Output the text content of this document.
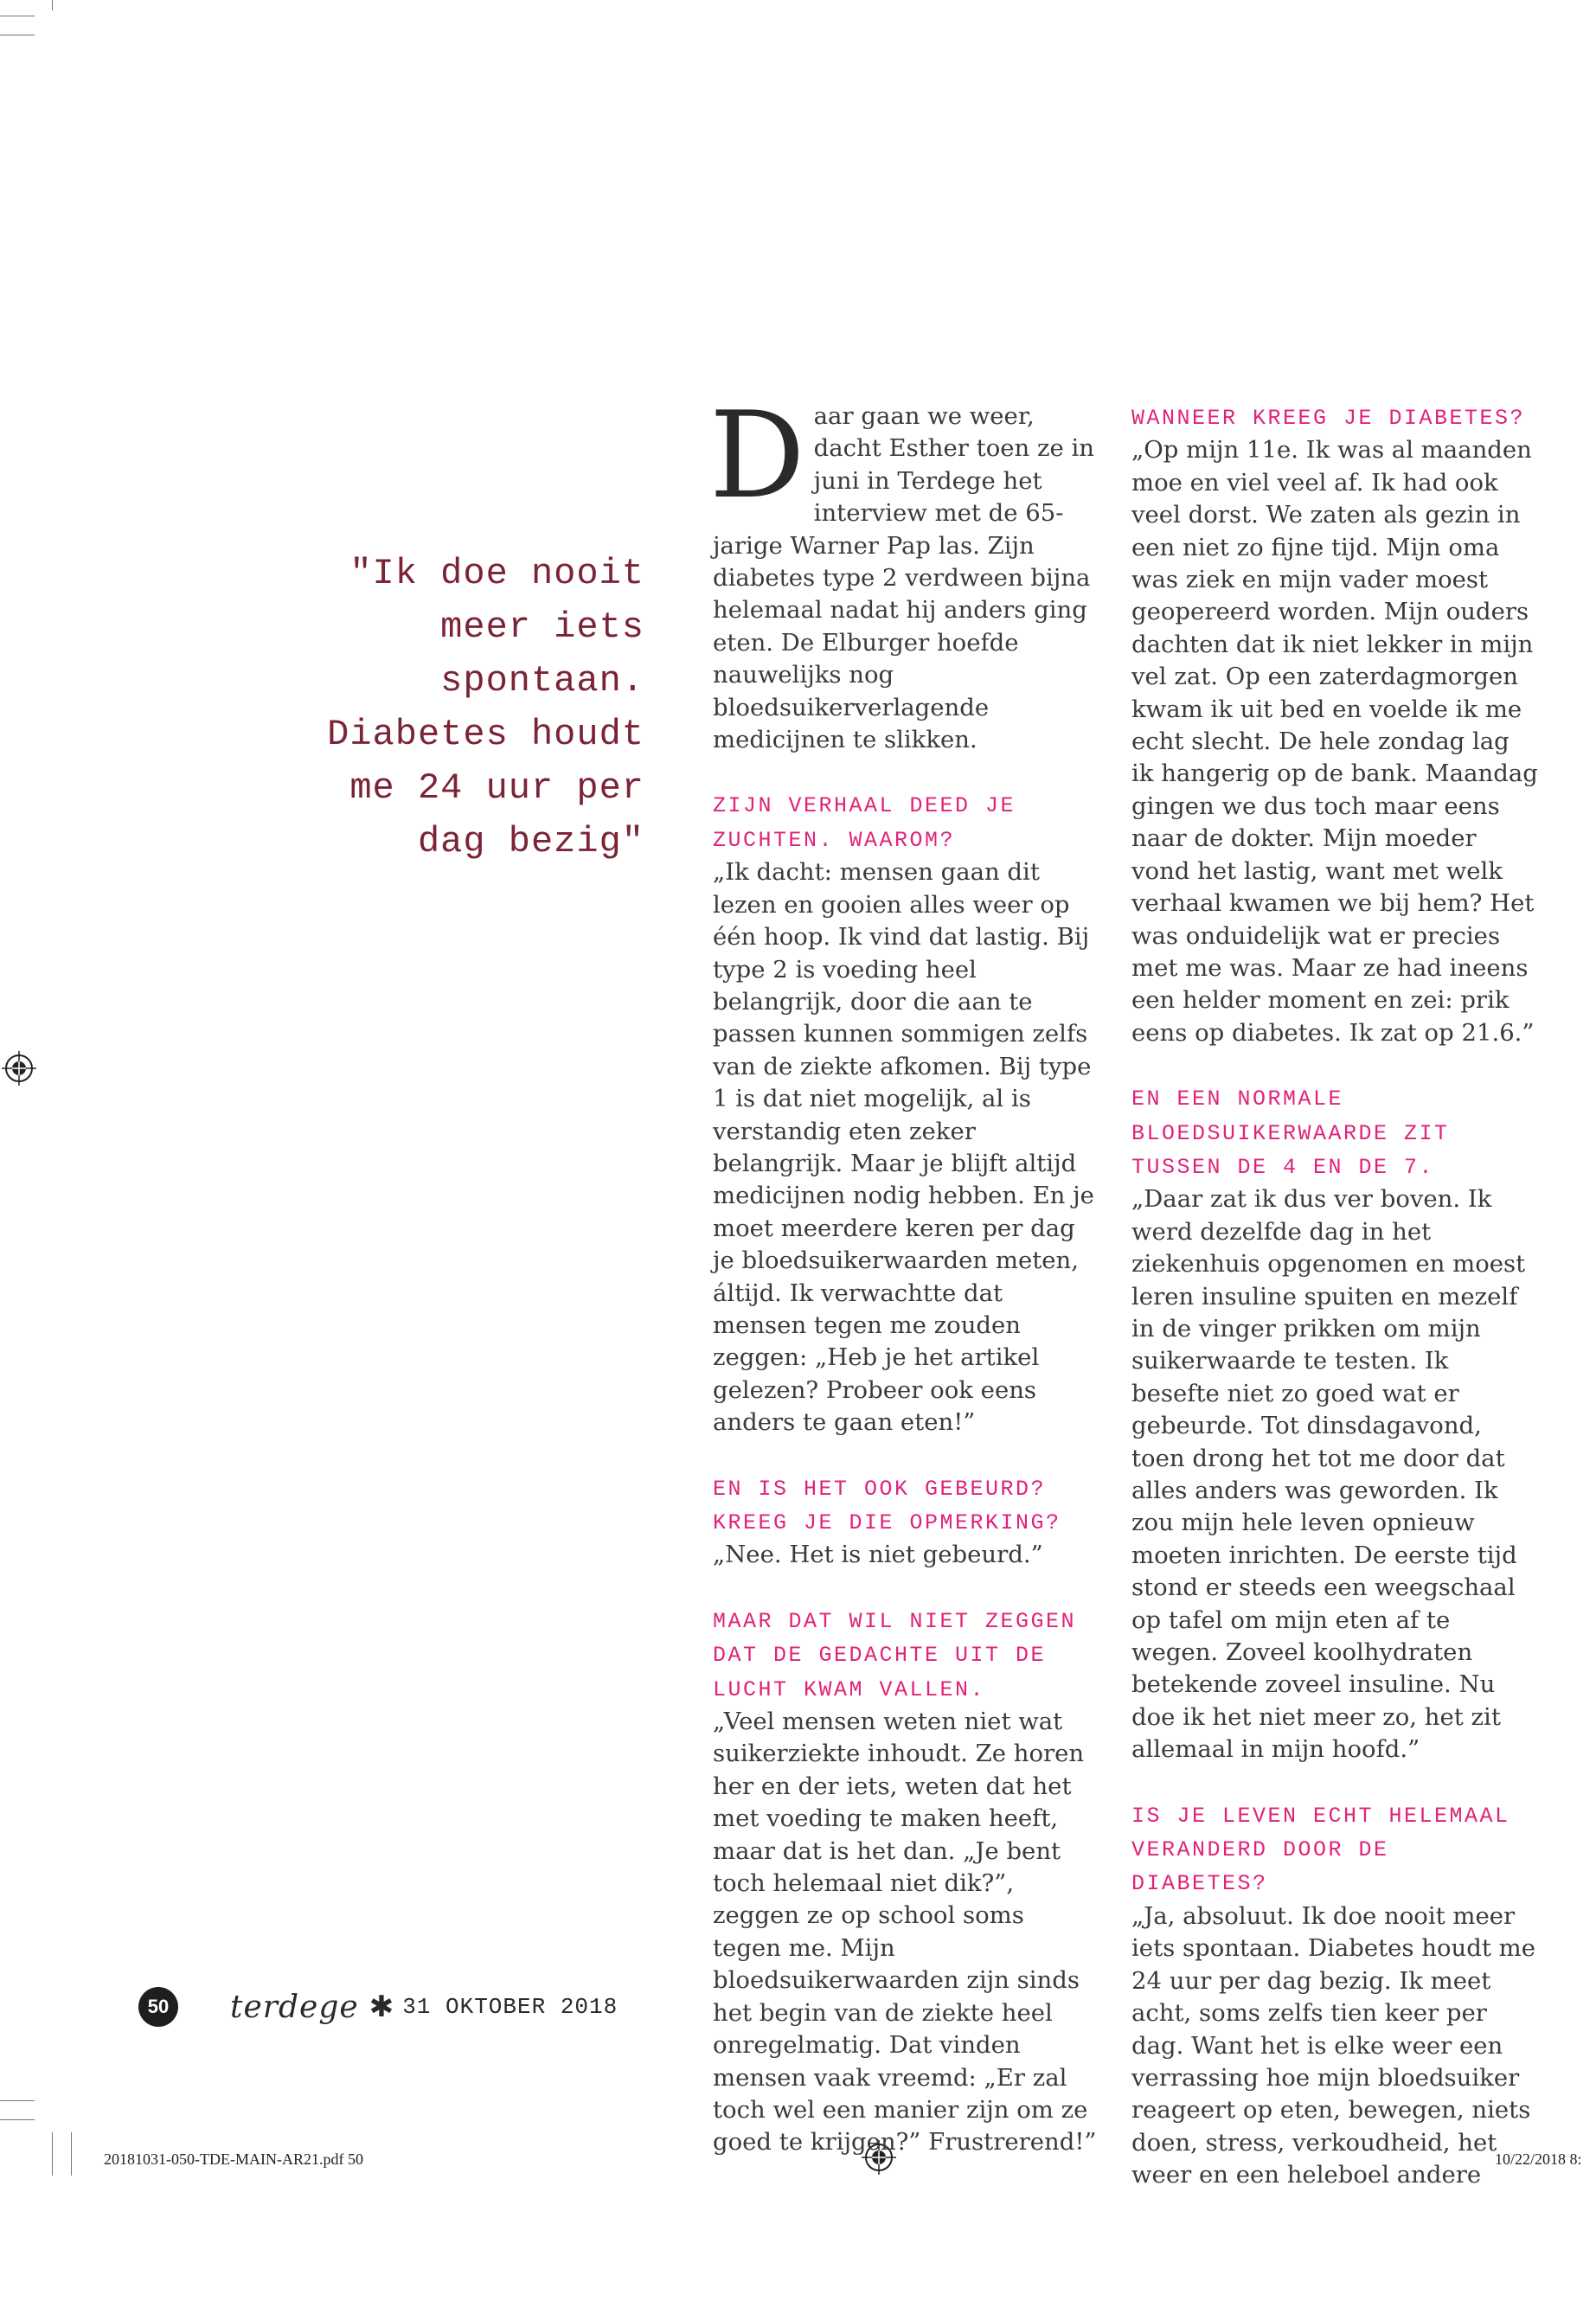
"Ik doe nooit meer iets spontaan. Diabetes houdt me 24 uur per dag bezig"

Daar gaan we weer, dacht Esther toen ze in juni in Terdege het interview met de 65-jarige Warner Pap las. Zijn diabetes type 2 verdween bijna helemaal nadat hij anders ging eten. De Elburger hoefde nauwelijks nog bloedsuikerverlagende medicijnen te slikken.

ZIJN VERHAAL DEED JE ZUCHTEN. WAAROM?
„Ik dacht: mensen gaan dit lezen en gooien alles weer op één hoop. Ik vind dat lastig. Bij type 2 is voeding heel belangrijk, door die aan te passen kunnen sommigen zelfs van de ziekte afkomen. Bij type 1 is dat niet mogelijk, al is verstandig eten zeker belangrijk. Maar je blijft altijd medicijnen nodig hebben. En je moet meerdere keren per dag je bloedsuikerwaarden meten, áltijd. Ik verwachtte dat mensen tegen me zouden zeggen: „Heb je het artikel gelezen? Probeer ook eens anders te gaan eten!”

EN IS HET OOK GEBEURD? KREEG JE DIE OPMERKING?
„Nee. Het is niet gebeurd.”

MAAR DAT WIL NIET ZEGGEN DAT DE GEDACHTE UIT DE LUCHT KWAM VALLEN.
„Veel mensen weten niet wat suikerziekte inhoudt. Ze horen her en der iets, weten dat het met voeding te maken heeft, maar dat is het dan. „Je bent toch helemaal niet dik?”, zeggen ze op school soms tegen me. Mijn bloedsuikerwaarden zijn sinds het begin van de ziekte heel onregelmatig. Dat vinden mensen vaak vreemd: „Er zal toch wel een manier zijn om ze goed te krijgen?” Frustrerend!”

WANNEER KREEG JE DIABETES?
„Op mijn 11e. Ik was al maanden moe en viel veel af. Ik had ook veel dorst. We zaten als gezin in een niet zo fijne tijd. Mijn oma was ziek en mijn vader moest geopereerd worden. Mijn ouders dachten dat ik niet lekker in mijn vel zat. Op een zaterdagmorgen kwam ik uit bed en voelde ik me echt slecht. De hele zondag lag ik hangerig op de bank. Maandag gingen we dus toch maar eens naar de dokter. Mijn moeder vond het lastig, want met welk verhaal kwamen we bij hem? Het was onduidelijk wat er precies met me was. Maar ze had ineens een helder moment en zei: prik eens op diabetes. Ik zat op 21.6.”

EN EEN NORMALE BLOEDSUIKERWAARDE ZIT TUSSEN DE 4 EN DE 7.
„Daar zat ik dus ver boven. Ik werd dezelfde dag in het ziekenhuis opgenomen en moest leren insuline spuiten en mezelf in de vinger prikken om mijn suikerwaarde te testen. Ik besefte niet zo goed wat er gebeurde. Tot dinsdagavond, toen drong het tot me door dat alles anders was geworden. Ik zou mijn hele leven opnieuw moeten inrichten. De eerste tijd stond er steeds een weegschaal op tafel om mijn eten af te wegen. Zoveel koolhydraten betekende zoveel insuline. Nu doe ik het niet meer zo, het zit allemaal in mijn hoofd.”

IS JE LEVEN ECHT HELEMAAL VERANDERD DOOR DE DIABETES?
„Ja, absoluut. Ik doe nooit meer iets spontaan. Diabetes houdt me 24 uur per dag bezig. Ik meet acht, soms zelfs tien keer per dag. Want het is elke weer een verrassing hoe mijn bloedsuiker reageert op eten, bewegen, niets doen, stress, verkoudheid, het weer en een heleboel andere

50 terdege ✱ 31 OKTOBER 2018
20181031-050-TDE-MAIN-AR21.pdf 50	10/22/2018 8:
